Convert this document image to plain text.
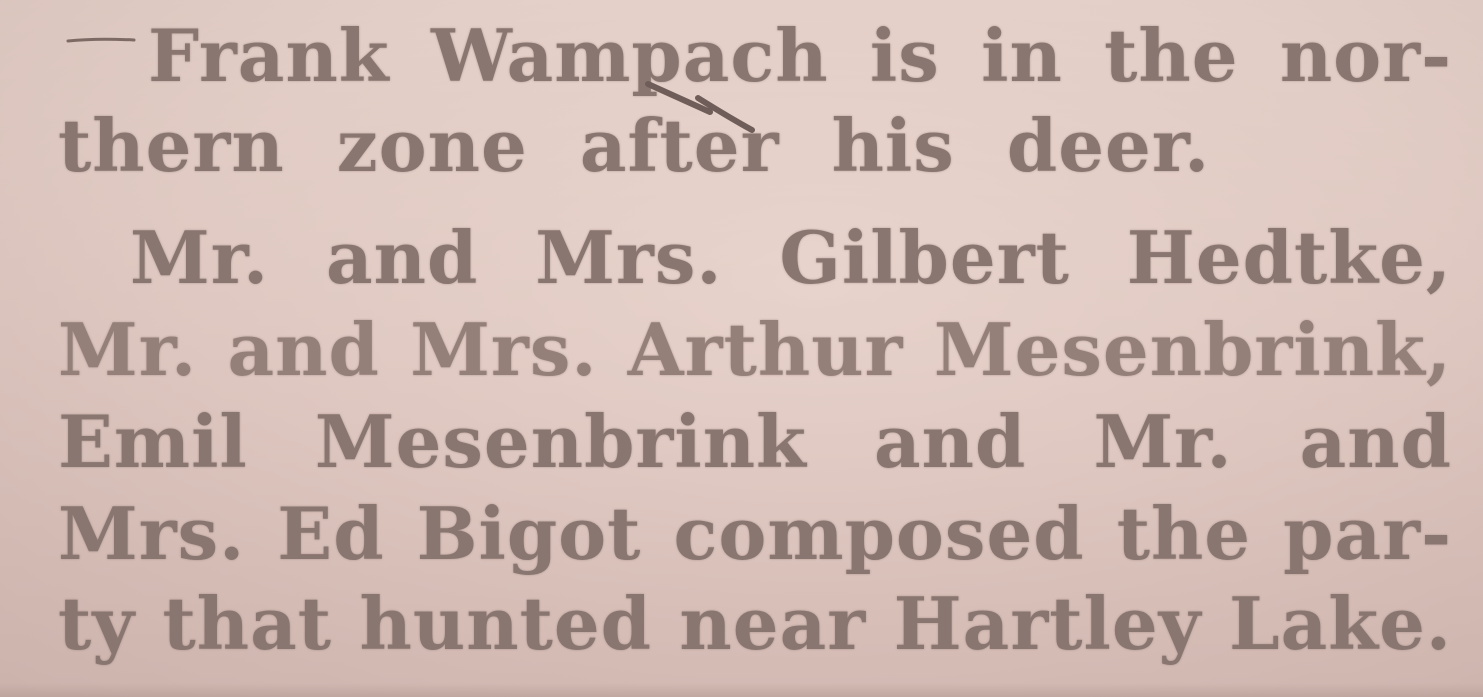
Frank Wampach is in the nor-
thern zone after his deer.
Mr. and Mrs. Gilbert Hedtke,
Mr. and Mrs. Arthur Mesenbrink,
Emil Mesenbrink and Mr. and
Mrs. Ed Bigot composed the par-
ty that hunted near Hartley Lake.
